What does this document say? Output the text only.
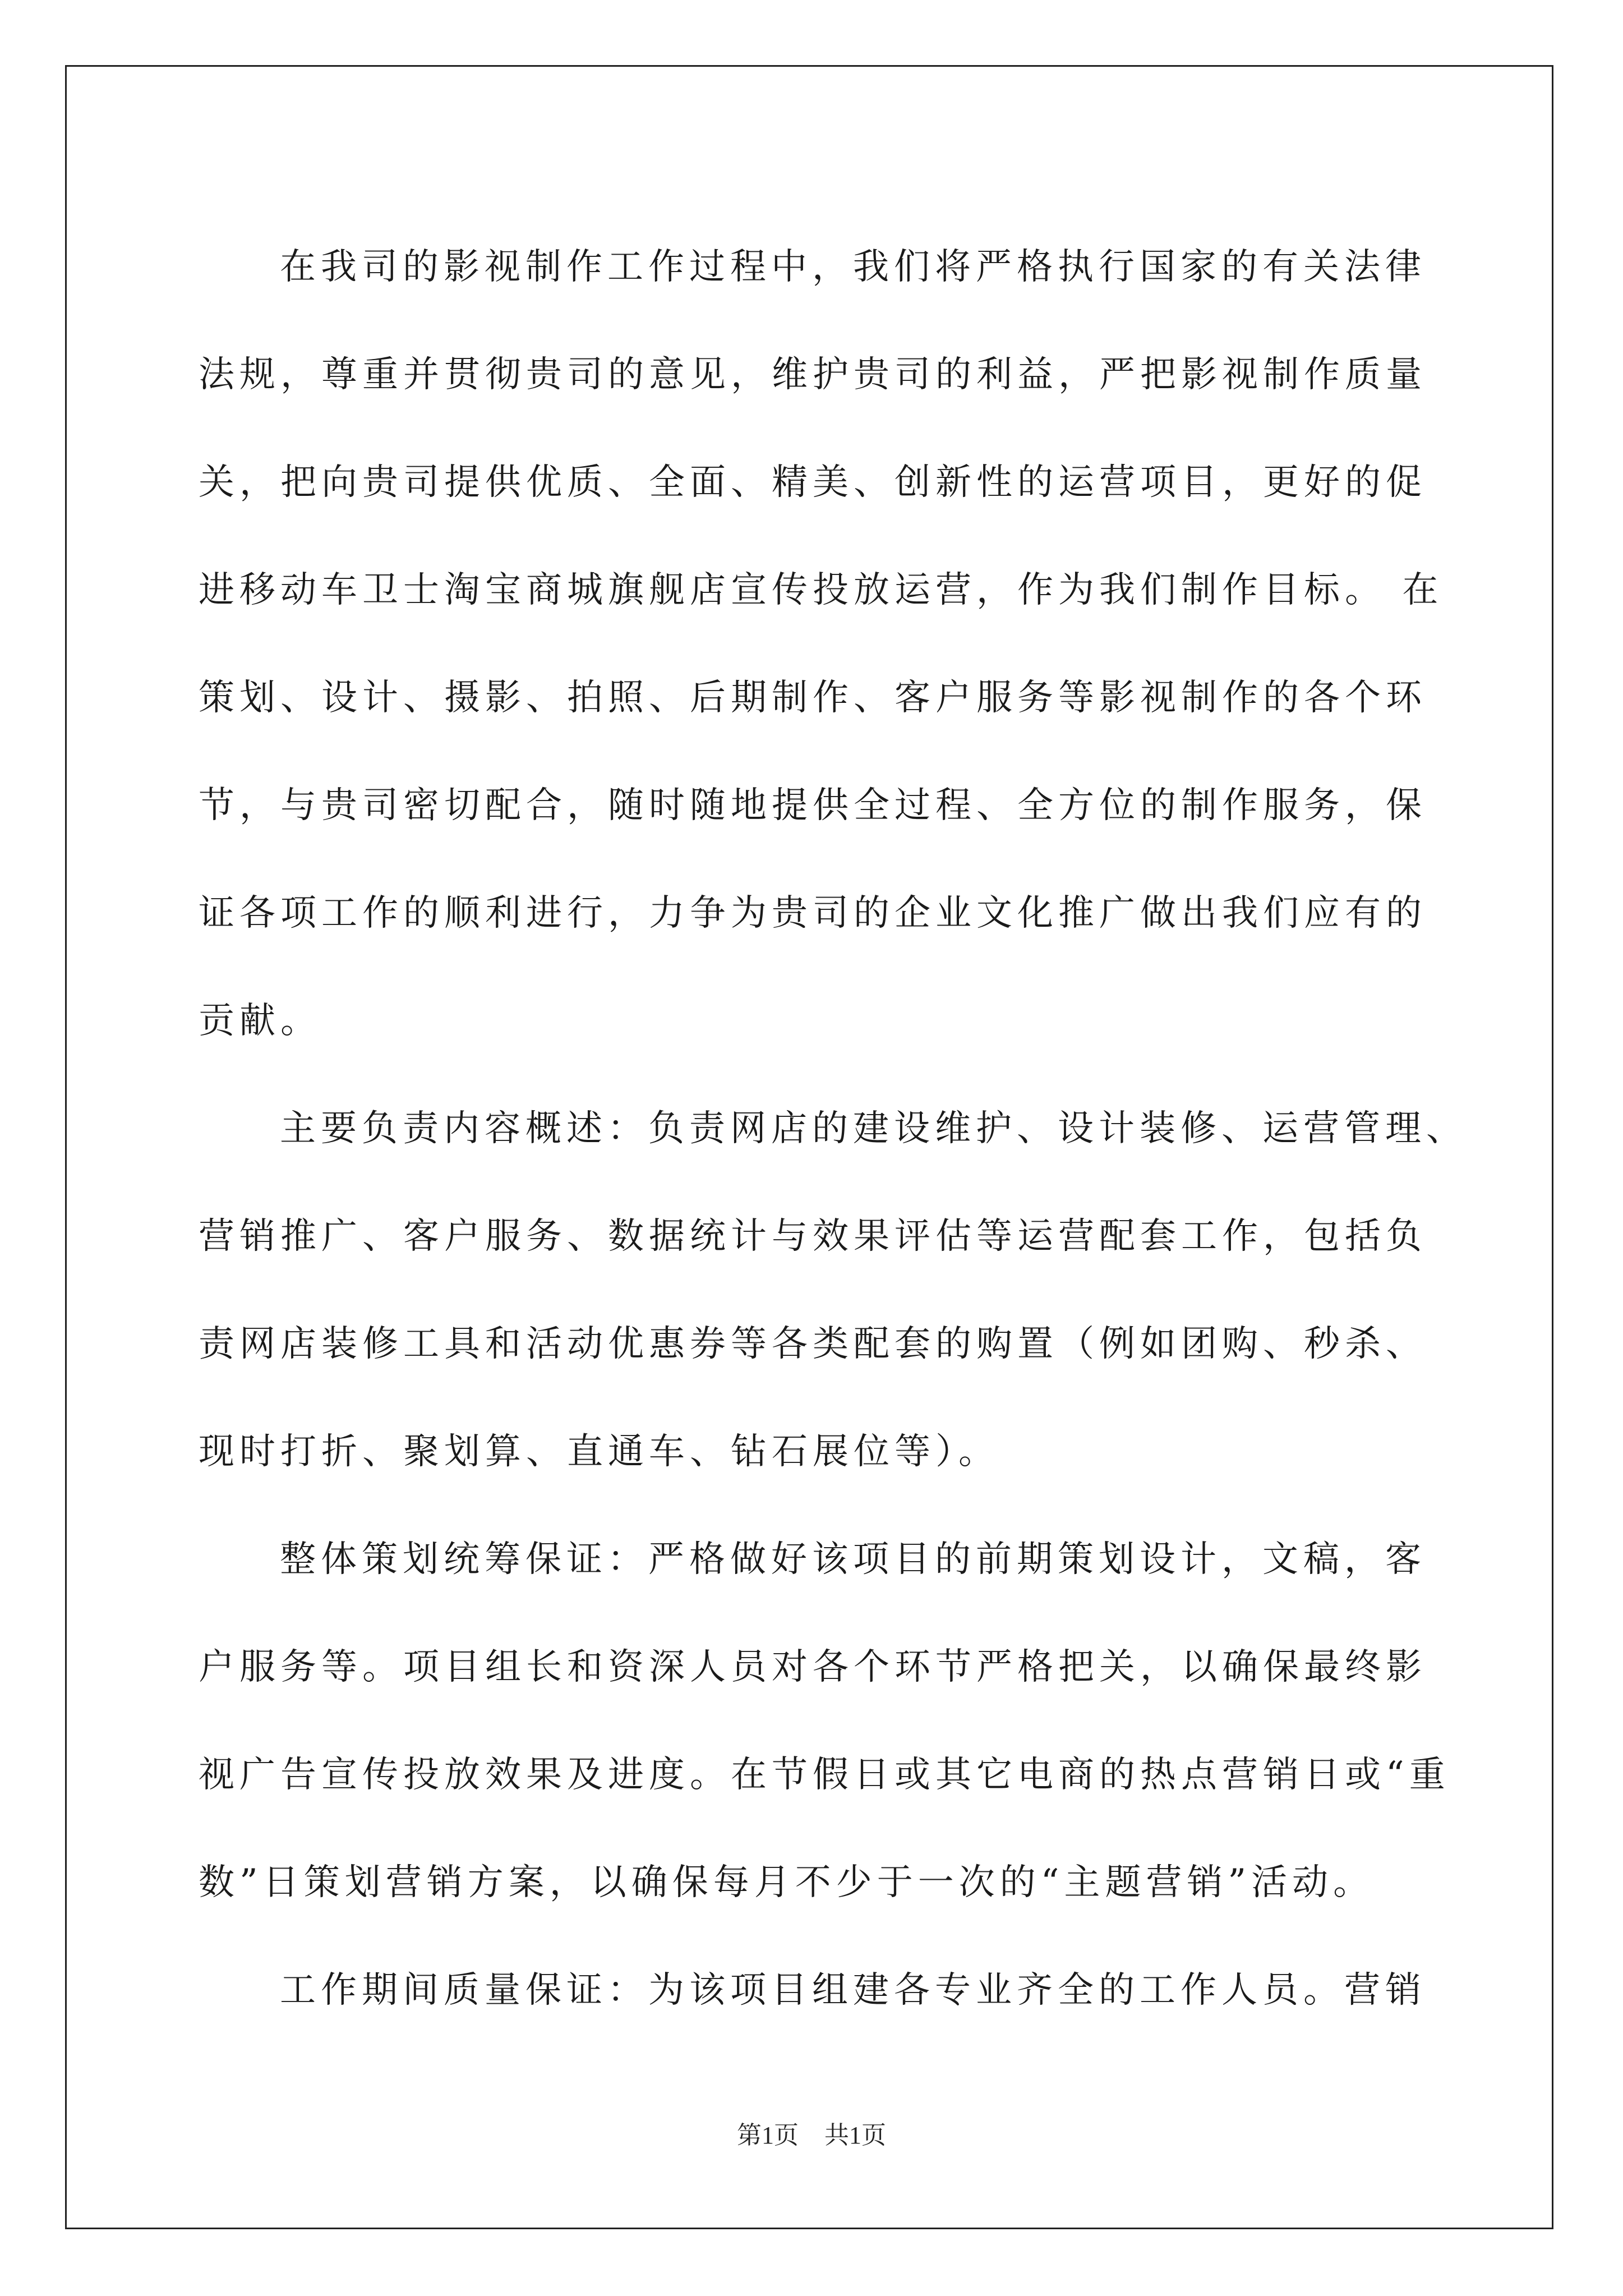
在我司的影视制作工作过程中，我们将严格执行国家的有关法律
法规，尊重并贯彻贵司的意见，维护贵司的利益，严把影视制作质量
关，把向贵司提供优质、全面、精美、创新性的运营项目，更好的促
进移动车卫士淘宝商城旗舰店宣传投放运营，作为我们制作目标。 在
策划、设计、摄影、拍照、后期制作、客户服务等影视制作的各个环
节，与贵司密切配合，随时随地提供全过程、全方位的制作服务，保
证各项工作的顺利进行，力争为贵司的企业文化推广做出我们应有的
贡献。
主要负责内容概述：负责网店的建设维护、设计装修、运营管理、
营销推广、客户服务、数据统计与效果评估等运营配套工作，包括负
责网店装修工具和活动优惠券等各类配套的购置（例如团购、秒杀、
现时打折、聚划算、直通车、钻石展位等）。
整体策划统筹保证：严格做好该项目的前期策划设计，文稿，客
户服务等。项目组长和资深人员对各个环节严格把关，以确保最终影
视广告宣传投放效果及进度。在节假日或其它电商的热点营销日或“重
数”日策划营销方案，以确保每月不少于一次的“主题营销”活动。
工作期间质量保证：为该项目组建各专业齐全的工作人员。营销
第1页 共1页
